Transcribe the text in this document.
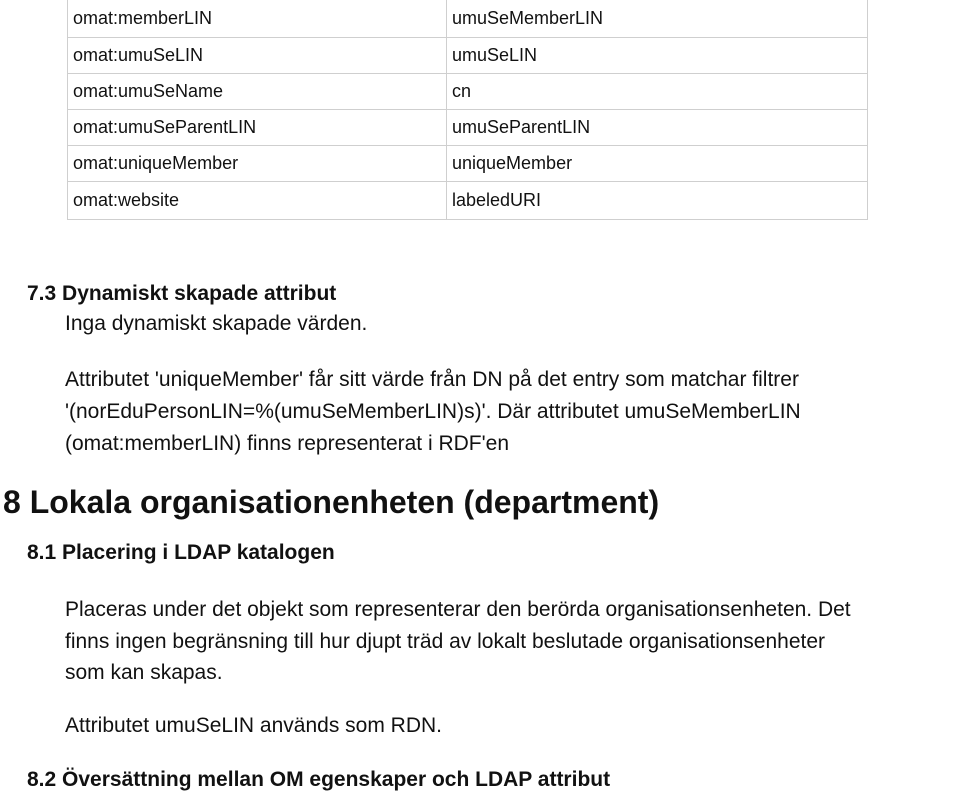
omat:memberLIN	umuSeMemberLIN
omat:umuSeLIN	umuSeLIN
omat:umuSeName	cn
omat:umuSeParentLIN	umuSeParentLIN
omat:uniqueMember	uniqueMember
omat:website	labeledURI
7.3 Dynamiskt skapade attribut

Inga dynamiskt skapade värden.

Attributet 'uniqueMember' får sitt värde från DN på det entry som matchar filtrer

'(norEduPersonLIN=%(umuSeMemberLIN)s)'. Där attributet umuSeMemberLIN

(omat:memberLIN) finns representerat i RDF'en

8 Lokala organisationenheten (department)
8.1 Placering i LDAP katalogen

Placeras under det objekt som representerar den berörda organisationsenheten. Det

finns ingen begränsning till hur djupt träd av lokalt beslutade organisationsenheter

som kan skapas.

Attributet umuSeLIN används som RDN.

8.2 Översättning mellan OM egenskaper och LDAP attribut
